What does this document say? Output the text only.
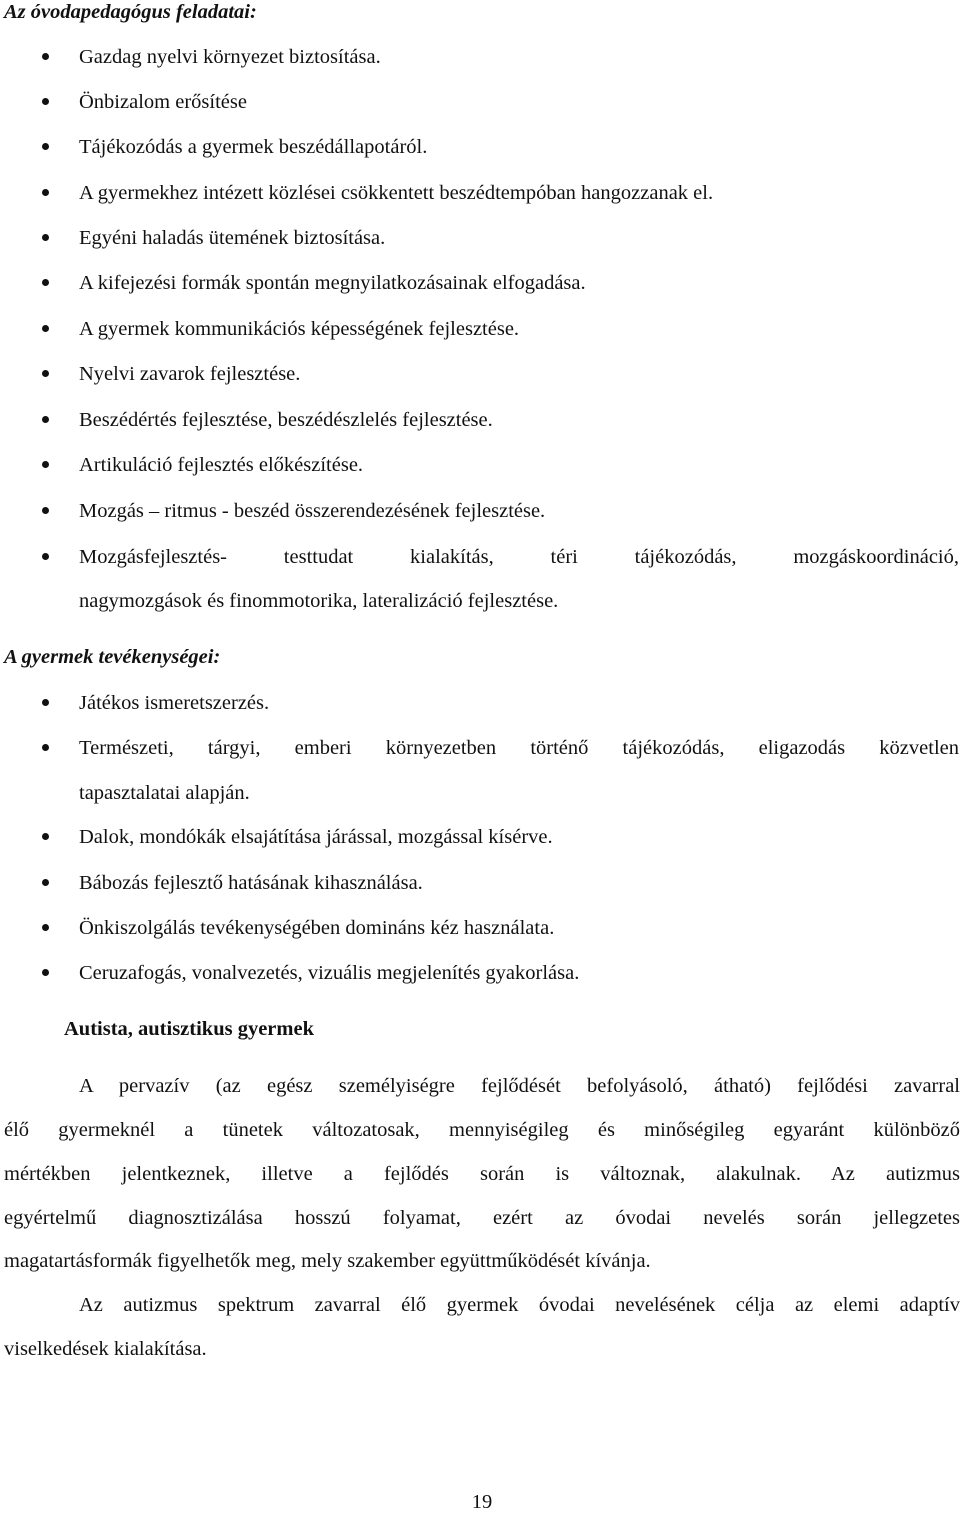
Az óvodapedagógus feladatai:
Gazdag nyelvi környezet biztosítása.
Önbizalom erősítése
Tájékozódás a gyermek beszédállapotáról.
A gyermekhez intézett közlései csökkentett beszédtempóban hangozzanak el.
Egyéni haladás ütemének biztosítása.
A kifejezési formák spontán megnyilatkozásainak elfogadása.
A gyermek kommunikációs képességének fejlesztése.
Nyelvi zavarok fejlesztése.
Beszédértés fejlesztése, beszédészlelés fejlesztése.
Artikuláció fejlesztés előkészítése.
Mozgás – ritmus - beszéd összerendezésének fejlesztése.
Mozgásfejlesztés- testtudat kialakítás, téri tájékozódás, mozgáskoordináció,
nagymozgások és finommotorika, lateralizáció fejlesztése.
A gyermek tevékenységei:
Játékos ismeretszerzés.
Természeti, tárgyi, emberi környezetben történő tájékozódás, eligazodás közvetlen
tapasztalatai alapján.
Dalok, mondókák elsajátítása járással, mozgással kísérve.
Bábozás fejlesztő hatásának kihasználása.
Önkiszolgálás tevékenységében domináns kéz használata.
Ceruzafogás, vonalvezetés, vizuális megjelenítés gyakorlása.
Autista, autisztikus gyermek
A pervazív (az egész személyiségre fejlődését befolyásoló, átható) fejlődési zavarral
élő gyermeknél a tünetek változatosak, mennyiségileg és minőségileg egyaránt különböző
mértékben jelentkeznek, illetve a fejlődés során is változnak, alakulnak. Az autizmus
egyértelmű diagnosztizálása hosszú folyamat, ezért az óvodai nevelés során jellegzetes
magatartásformák figyelhetők meg, mely szakember együttműködését kívánja.
Az autizmus spektrum zavarral élő gyermek óvodai nevelésének célja az elemi adaptív
viselkedések kialakítása.
19
